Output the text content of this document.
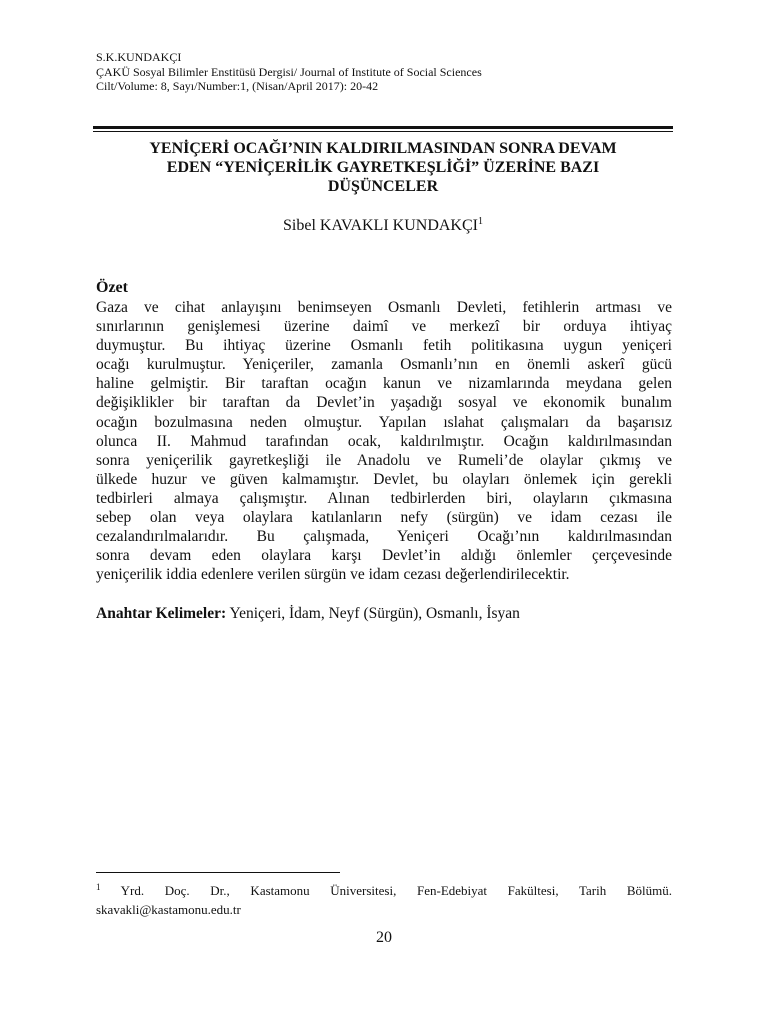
S.K.KUNDAKÇI
ÇAKÜ Sosyal Bilimler Enstitüsü Dergisi/ Journal of Institute of Social Sciences
Cilt/Volume: 8, Sayı/Number:1, (Nisan/April 2017): 20-42
YENİÇERİ OCAĞI’NIN KALDIRILMASINDAN SONRA DEVAM
EDEN “YENİÇERİLİK GAYRETKEŞLİĞİ” ÜZERİNE BAZI
DÜŞÜNCELER
Sibel KAVAKLI KUNDAKÇI$^1$
Özet
Gaza ve cihat anlayışını benimseyen Osmanlı Devleti, fetihlerin artması ve
sınırlarının genişlemesi üzerine daimî ve merkezî bir orduya ihtiyaç
duymuştur. Bu ihtiyaç üzerine Osmanlı fetih politikasına uygun yeniçeri
ocağı kurulmuştur. Yeniçeriler, zamanla Osmanlı’nın en önemli askerî gücü
haline gelmiştir. Bir taraftan ocağın kanun ve nizamlarında meydana gelen
değişiklikler bir taraftan da Devlet’in yaşadığı sosyal ve ekonomik bunalım
ocağın bozulmasına neden olmuştur. Yapılan ıslahat çalışmaları da başarısız
olunca II. Mahmud tarafından ocak, kaldırılmıştır. Ocağın kaldırılmasından
sonra yeniçerilik gayretkeşliği ile Anadolu ve Rumeli’de olaylar çıkmış ve
ülkede huzur ve güven kalmamıştır. Devlet, bu olayları önlemek için gerekli
tedbirleri almaya çalışmıştır. Alınan tedbirlerden biri, olayların çıkmasına
sebep olan veya olaylara katılanların nefy (sürgün) ve idam cezası ile
cezalandırılmalarıdır. Bu çalışmada, Yeniçeri Ocağı’nın kaldırılmasından
sonra devam eden olaylara karşı Devlet’in aldığı önlemler çerçevesinde
yeniçerilik iddia edenlere verilen sürgün ve idam cezası değerlendirilecektir.
Anahtar Kelimeler: Yeniçeri, İdam, Neyf (Sürgün), Osmanlı, İsyan
$^1$ Yrd. Doç. Dr., Kastamonu Üniversitesi, Fen-Edebiyat Fakültesi, Tarih Bölümü.
skavakli@kastamonu.edu.tr
20
